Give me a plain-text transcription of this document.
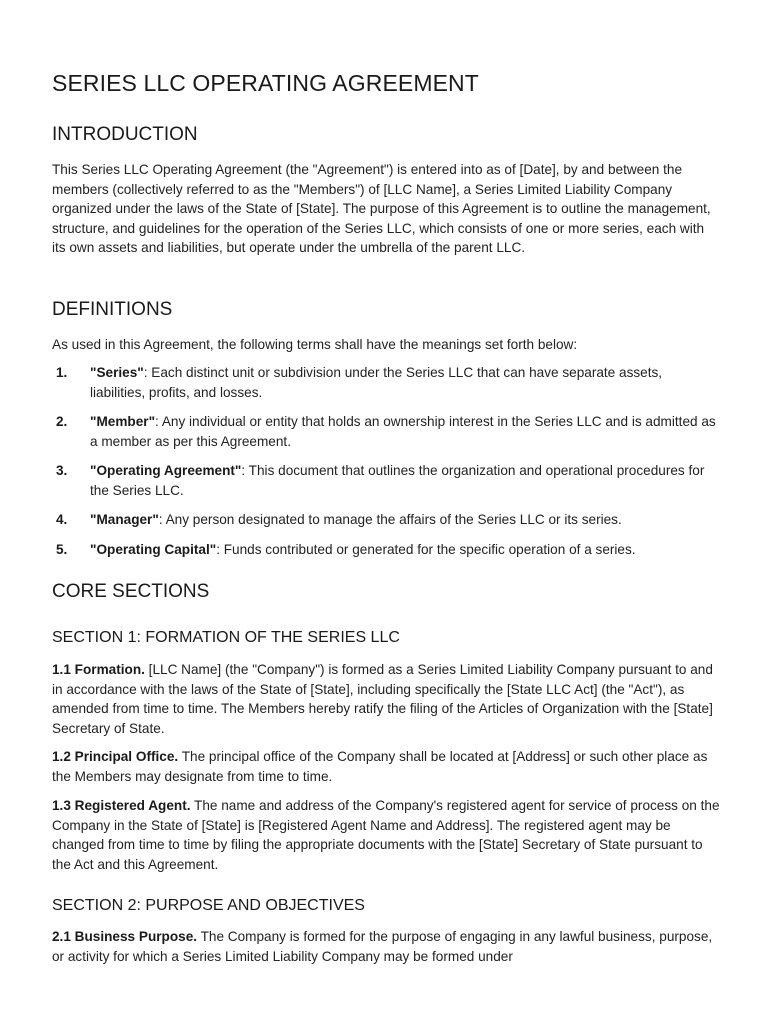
SERIES LLC OPERATING AGREEMENT
INTRODUCTION

This Series LLC Operating Agreement (the "Agreement") is entered into as of [Date], by and between the members (collectively referred to as the "Members") of [LLC Name], a Series Limited Liability Company organized under the laws of the State of [State]. The purpose of this Agreement is to outline the management, structure, and guidelines for the operation of the Series LLC, which consists of one or more series, each with its own assets and liabilities, but operate under the umbrella of the parent LLC.

DEFINITIONS

As used in this Agreement, the following terms shall have the meanings set forth below:

1. "Series": Each distinct unit or subdivision under the Series LLC that can have separate assets, liabilities, profits, and losses.
2. "Member": Any individual or entity that holds an ownership interest in the Series LLC and is admitted as a member as per this Agreement.
3. "Operating Agreement": This document that outlines the organization and operational procedures for the Series LLC.
4. "Manager": Any person designated to manage the affairs of the Series LLC or its series.
5. "Operating Capital": Funds contributed or generated for the specific operation of a series.
CORE SECTIONS
SECTION 1: FORMATION OF THE SERIES LLC

1.1 Formation. [LLC Name] (the "Company") is formed as a Series Limited Liability Company pursuant to and in accordance with the laws of the State of [State], including specifically the [State LLC Act] (the "Act"), as amended from time to time. The Members hereby ratify the filing of the Articles of Organization with the [State] Secretary of State.

1.2 Principal Office. The principal office of the Company shall be located at [Address] or such other place as the Members may designate from time to time.

1.3 Registered Agent. The name and address of the Company's registered agent for service of process on the Company in the State of [State] is [Registered Agent Name and Address]. The registered agent may be changed from time to time by filing the appropriate documents with the [State] Secretary of State pursuant to the Act and this Agreement.

SECTION 2: PURPOSE AND OBJECTIVES

2.1 Business Purpose. The Company is formed for the purpose of engaging in any lawful business, purpose, or activity for which a Series Limited Liability Company may be formed under
